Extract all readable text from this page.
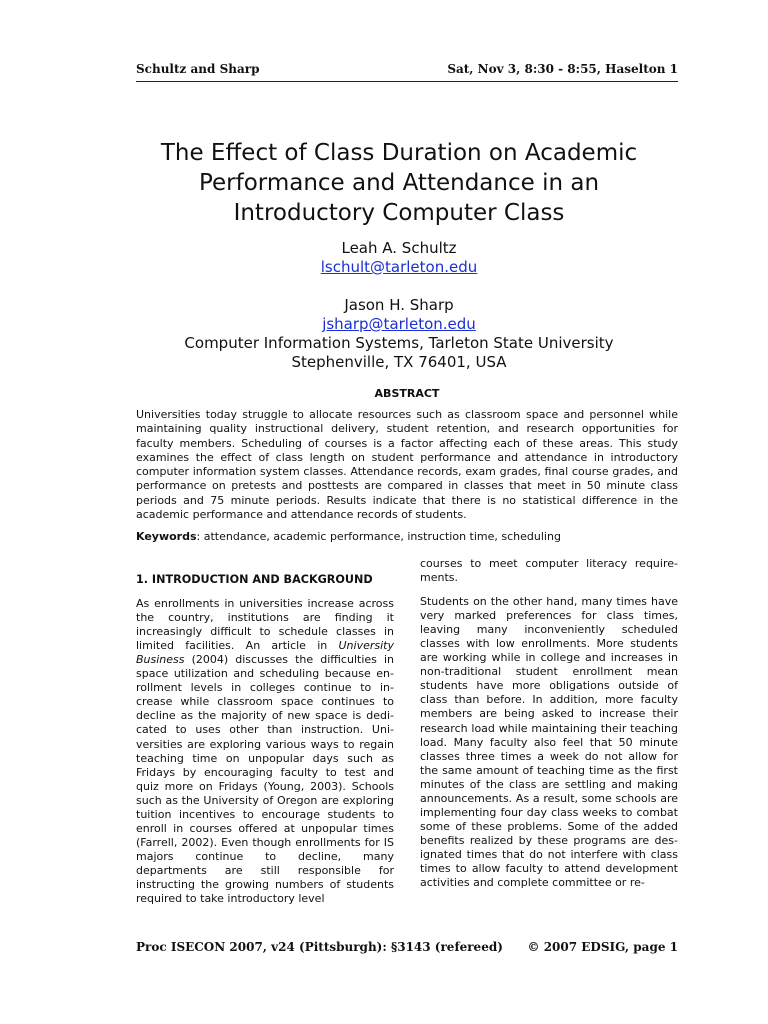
Schultz and Sharp	Sat, Nov 3, 8:30 - 8:55, Haselton 1
The Effect of Class Duration on Academic
Performance and Attendance in an
Introductory Computer Class
Leah A. Schultz
lschult@tarleton.edu
Jason H. Sharp
jsharp@tarleton.edu
Computer Information Systems, Tarleton State University
Stephenville, TX 76401, USA
ABSTRACT
Universities today struggle to allocate resources such as classroom space and personnel while maintaining quality instructional delivery, student retention, and research opportunities for faculty members. Scheduling of courses is a factor affecting each of these areas. This study examines the effect of class length on student performance and attendance in introductory computer information system classes. Attendance records, exam grades, final course grades, and performance on pretests and posttests are compared in classes that meet in 50 minute class periods and 75 minute periods. Results indicate that there is no statistical difference in the academic performance and attendance records of students.
Keywords: attendance, academic performance, instruction time, scheduling
1. INTRODUCTION AND BACKGROUND

As enrollments in universities increase across the country, institutions are finding it increasingly difficult to schedule classes in limited facilities. An article in University Business (2004) discusses the difficulties in space utilization and scheduling because enrollment levels in colleges continue to increase while classroom space continues to decline as the majority of new space is dedicated to uses other than instruction. Universities are exploring various ways to regain teaching time on unpopular days such as Fridays by encouraging faculty to test and quiz more on Fridays (Young, 2003). Schools such as the University of Oregon are exploring tuition incentives to encourage students to enroll in courses offered at unpopular times (Farrell, 2002). Even though enrollments for IS majors continue to decline, many departments are still responsible for instructing the growing numbers of students required to take introductory level

courses to meet computer literacy requirements.

Students on the other hand, many times have very marked preferences for class times, leaving many inconveniently scheduled classes with low enrollments. More students are working while in college and increases in non-traditional student enrollment mean students have more obligations outside of class than before. In addition, more faculty members are being asked to increase their research load while maintaining their teaching load. Many faculty also feel that 50 minute classes three times a week do not allow for the same amount of teaching time as the first minutes of the class are settling and making announcements. As a result, some schools are implementing four day class weeks to combat some of these problems. Some of the added benefits realized by these programs are designated times that do not interfere with class times to allow faculty to attend development activities and complete committee or re-

Proc ISECON 2007, v24 (Pittsburgh): §3143 (refereed) © 2007 EDSIG, page 1
